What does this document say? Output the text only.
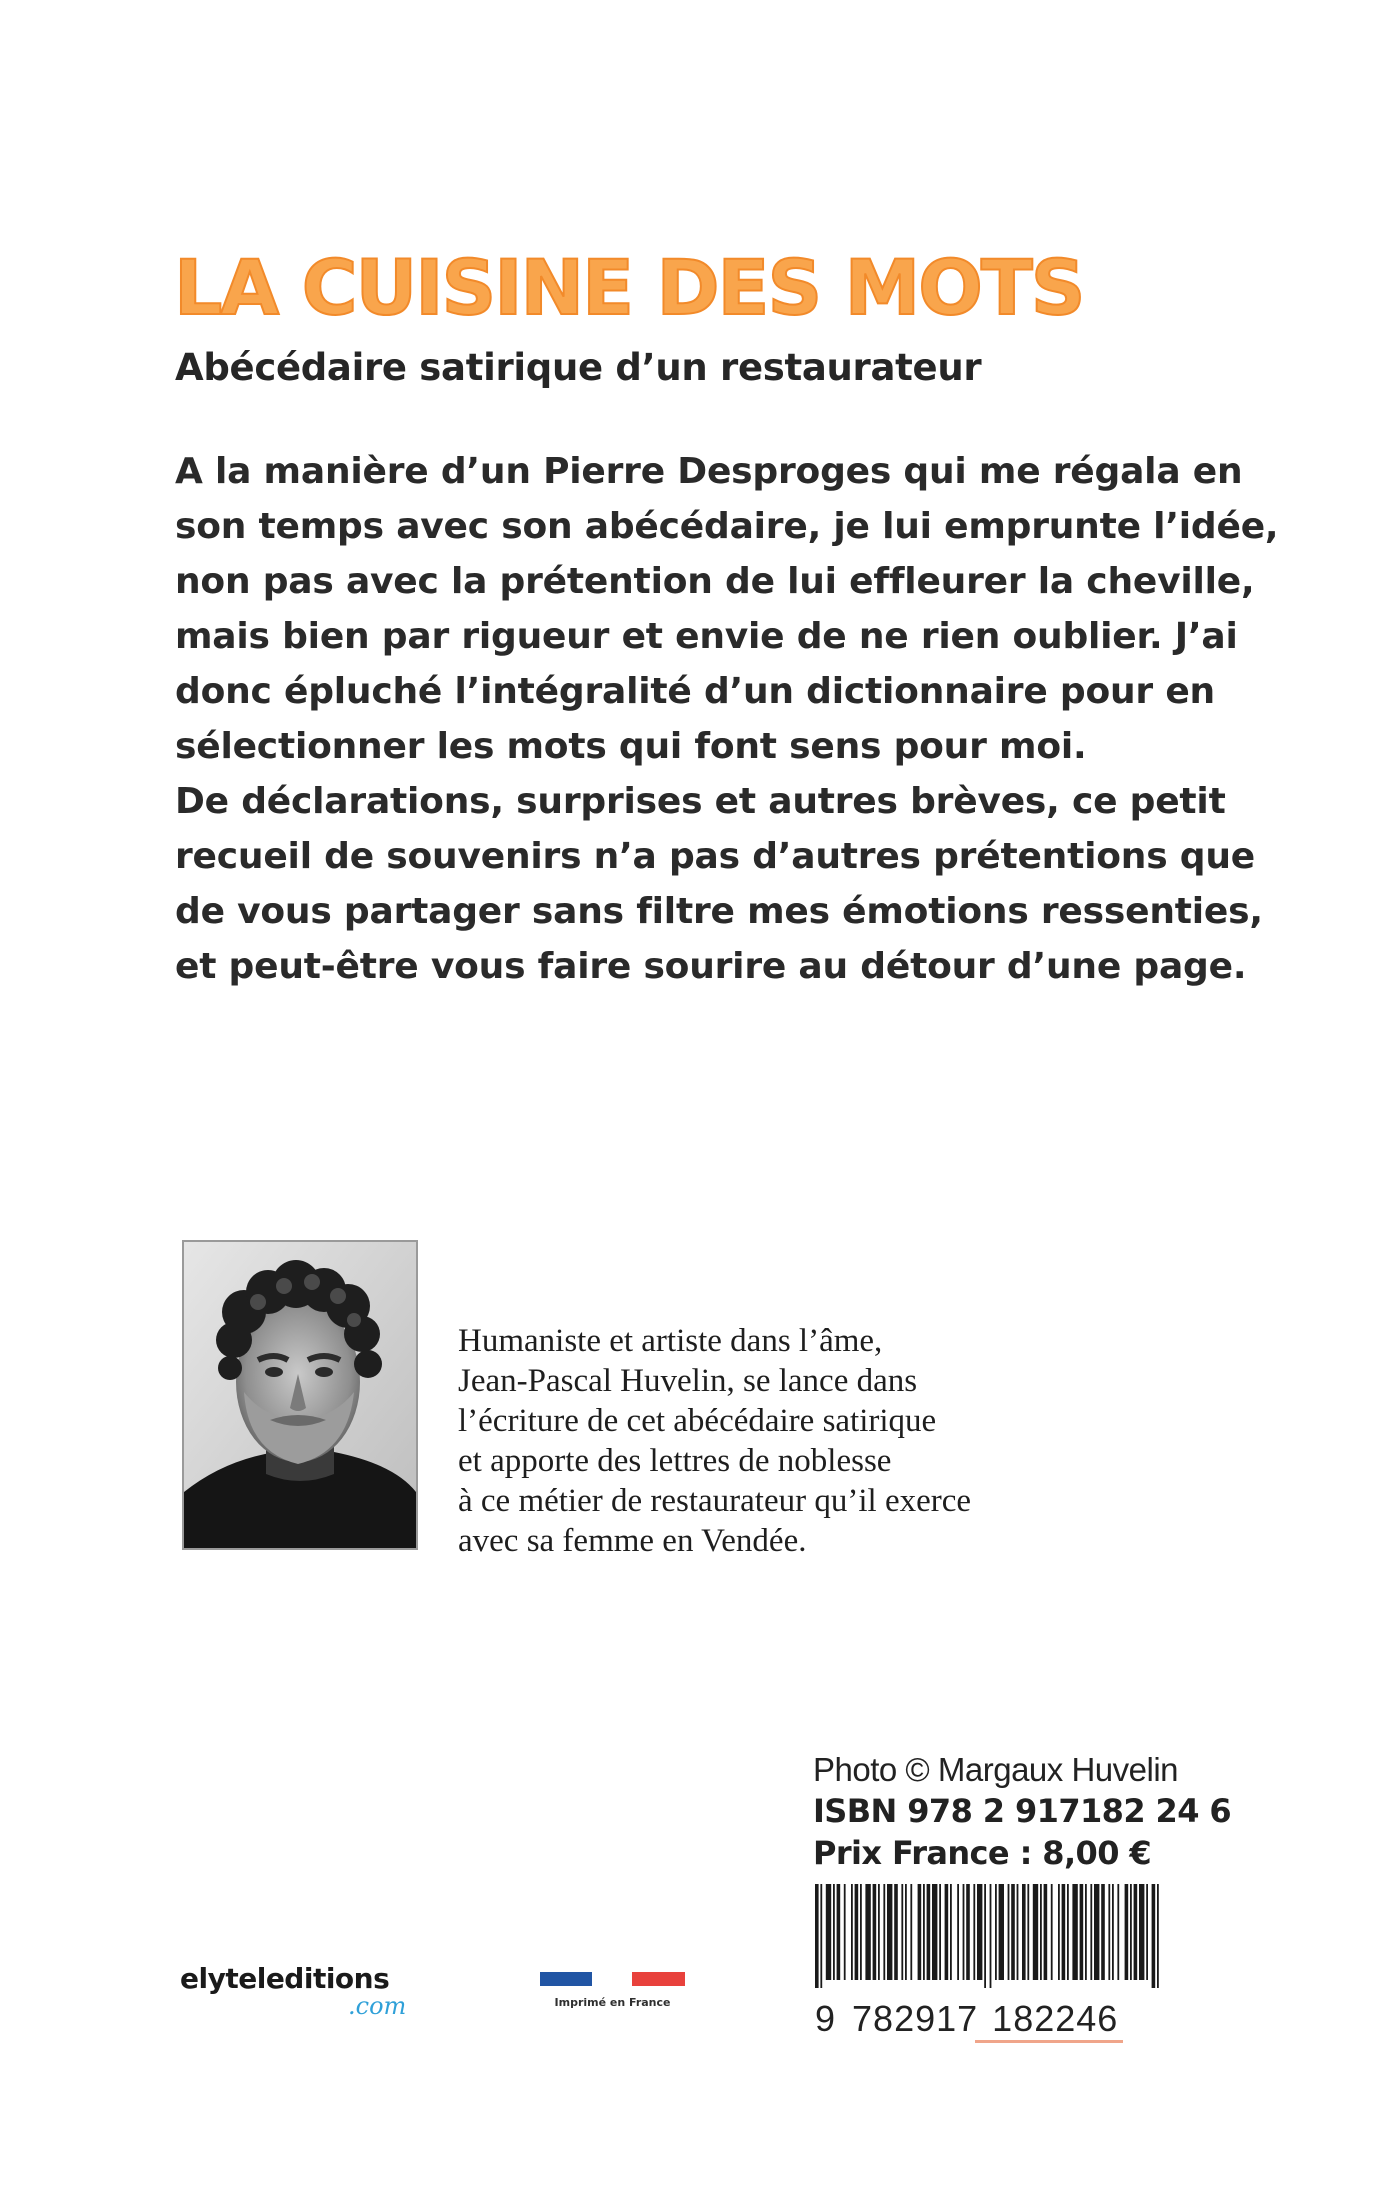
LA CUISINE DES MOTS
Abécédaire satirique d’un restaurateur
A la manière d’un Pierre Desproges qui me régala en
son temps avec son abécédaire, je lui emprunte l’idée,
non pas avec la prétention de lui effleurer la cheville,
mais bien par rigueur et envie de ne rien oublier. J’ai
donc épluché l’intégralité d’un dictionnaire pour en
sélectionner les mots qui font sens pour moi.
De déclarations, surprises et autres brèves, ce petit
recueil de souvenirs n’a pas d’autres prétentions que
de vous partager sans filtre mes émotions ressenties,
et peut-être vous faire sourire au détour d’une page.
Humaniste et artiste dans l’âme,
Jean-Pascal Huvelin, se lance dans
l’écriture de cet abécédaire satirique
et apporte des lettres de noblesse
à ce métier de restaurateur qu’il exerce
avec sa femme en Vendée.
Photo © Margaux Huvelin
ISBN 978 2 917182 24 6
Prix France : 8,00 €
9 782917 182246
elyteleditions
.com	Imprimé en France
